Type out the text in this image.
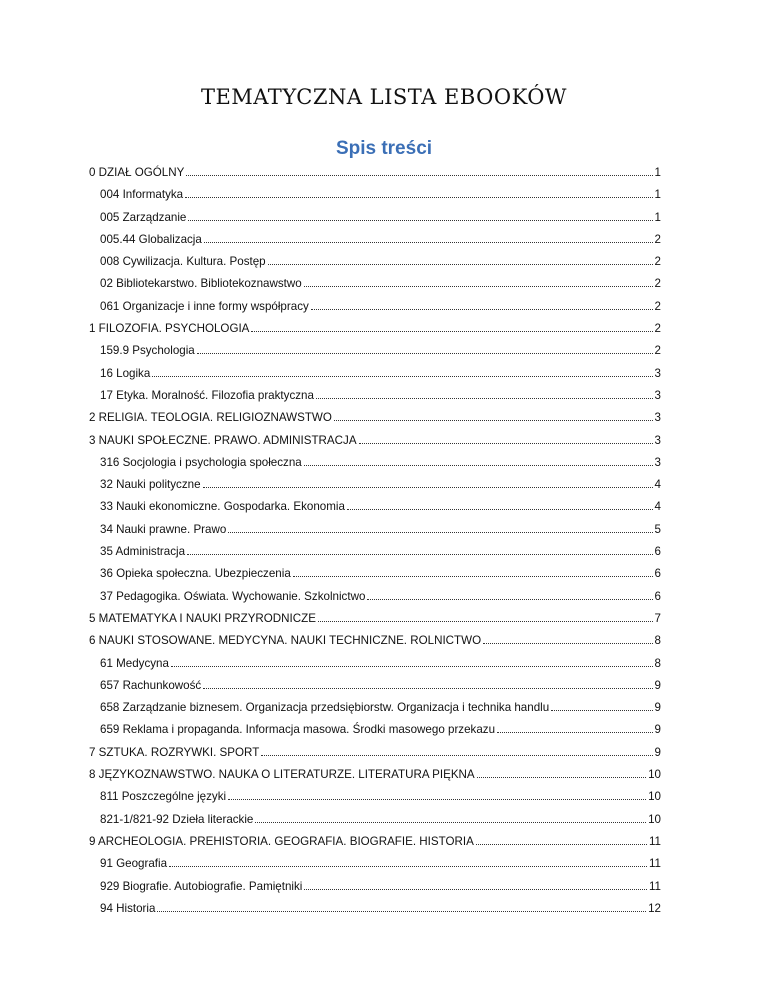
TEMATYCZNA LISTA EBOOKÓW
Spis treści
0 DZIAŁ OGÓLNY	1
004 Informatyka	1
005 Zarządzanie	1
005.44 Globalizacja	2
008 Cywilizacja. Kultura. Postęp	2
02 Bibliotekarstwo. Bibliotekoznawstwo	2
061 Organizacje i inne formy współpracy	2
1 FILOZOFIA. PSYCHOLOGIA	2
159.9 Psychologia	2
16 Logika	3
17 Etyka. Moralność. Filozofia praktyczna	3
2 RELIGIA. TEOLOGIA. RELIGIOZNAWSTWO	3
3 NAUKI SPOŁECZNE. PRAWO. ADMINISTRACJA	3
316 Socjologia i psychologia społeczna	3
32 Nauki polityczne	4
33 Nauki ekonomiczne. Gospodarka. Ekonomia	4
34 Nauki prawne. Prawo	5
35 Administracja	6
36 Opieka społeczna. Ubezpieczenia	6
37 Pedagogika. Oświata. Wychowanie. Szkolnictwo	6
5 MATEMATYKA I NAUKI PRZYRODNICZE	7
6 NAUKI STOSOWANE. MEDYCYNA. NAUKI TECHNICZNE. ROLNICTWO	8
61 Medycyna	8
657 Rachunkowość	9
658 Zarządzanie biznesem. Organizacja przedsiębiorstw. Organizacja i technika handlu	9
659 Reklama i propaganda. Informacja masowa. Środki masowego przekazu	9
7 SZTUKA. ROZRYWKI. SPORT	9
8 JĘZYKOZNAWSTWO. NAUKA O LITERATURZE. LITERATURA PIĘKNA	10
811 Poszczególne języki	10
821-1/821-92 Dzieła literackie	10
9 ARCHEOLOGIA. PREHISTORIA. GEOGRAFIA. BIOGRAFIE. HISTORIA	11
91 Geografia	11
929 Biografie. Autobiografie. Pamiętniki	11
94 Historia	12
